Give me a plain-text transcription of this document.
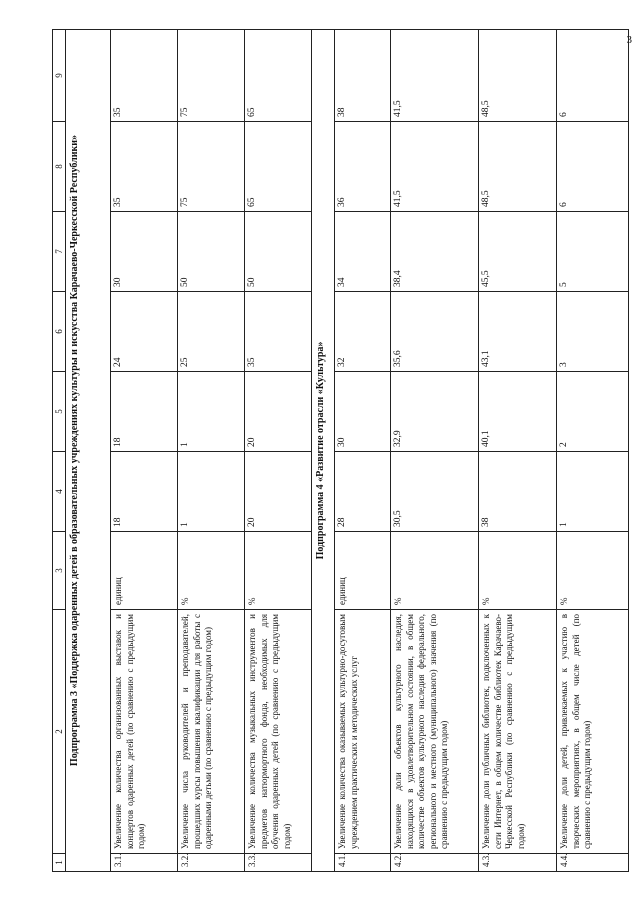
3
1	2	3	4	5	6	7	8	9
Подпрограмма 3 «Поддержка одаренных детей в образовательных учреждениях культуры и искусства Карачаево-Черкесской Республики»								
3.1.	Увеличение количества организованных выставок и концертов одаренных детей (по сравнению с предыдущим годом)	единиц	18	18	24	30	35	35
3.2.	Увеличение числа руководителей и преподавателей, прошедших курсы повышения квалификации для работы с одаренными детьми (по сравнению с предыдущим годом)	%	1	1	25	50	75	75
3.3.	Увеличение количества музыкальных инструментов и предметов натюрмортного фонда, необходимых для обучения одаренных детей (по сравнению с предыдущим годом)	%	20	20	35	50	65	65
Подпрограмма 4 «Развитие отрасли «Культура»								
4.1.	Увеличение количества оказываемых культурно-досуговым учреждением практических и методических услуг	единиц	28	30	32	34	36	38
4.2.	Увеличение доли объектов культурного наследия, находящихся в удовлетворительном состоянии, в общем количестве объектов культурного наследия федерального, регионального и местного (муниципального) значения (по сравнению с предыдущим годом)	%	30,5	32,9	35,6	38,4	41,5	41,5
4.3.	Увеличение доли публичных библиотек, подключенных к сети Интернет, в общем количестве библиотек Карачаево-Черкесской Республики (по сравнению с предыдущим годом)	%	38	40,1	43,1	45,5	48,5	48,5
4.4.	Увеличение доли детей, привлекаемых к участию в творческих мероприятиях, в общем числе детей (по сравнению с предыдущим годом)	%	1	2	3	5	6	6
